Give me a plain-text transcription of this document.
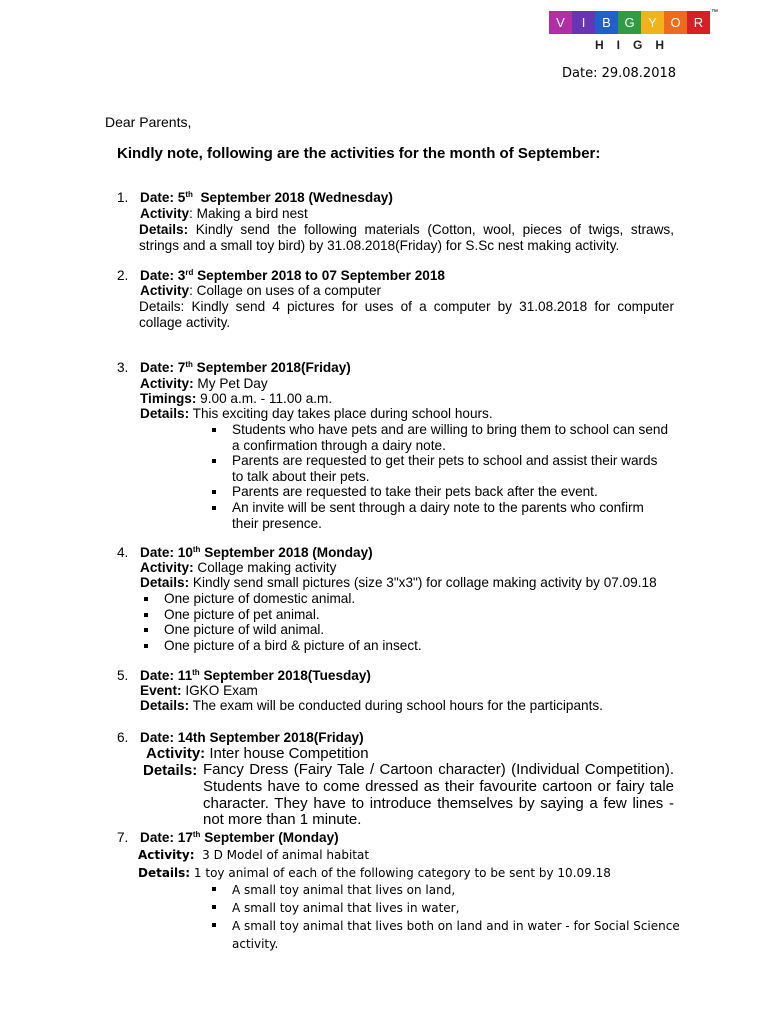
V	I	B	G	Y	O	R
™
HIGH
Date: 29.08.2018
Dear Parents,
Kindly note, following are the activities for the month of September:
1. Date: 5th  September 2018 (Wednesday)
Activity: Making a bird nest
Details: Kindly send the following materials (Cotton, wool, pieces of twigs, straws, strings and a small toy bird) by 31.08.2018(Friday) for S.Sc nest making activity.
2. Date: 3rd September 2018 to 07 September 2018
Activity: Collage on uses of a computer
Details: Kindly send 4 pictures for uses of a computer by 31.08.2018 for computer collage activity.
3. Date: 7th September 2018(Friday)
Activity: My Pet Day
Timings: 9.00 a.m. - 11.00 a.m.
Details: This exciting day takes place during school hours.
Students who have pets and are willing to bring them to school can send a confirmation through a dairy note.
Parents are requested to get their pets to school and assist their wards to talk about their pets.
Parents are requested to take their pets back after the event.
An invite will be sent through a dairy note to the parents who confirm their presence.
4. Date: 10th September 2018 (Monday)
Activity: Collage making activity
Details: Kindly send small pictures (size 3"x3") for collage making activity by 07.09.18
One picture of domestic animal.
One picture of pet animal.
One picture of wild animal.
One picture of a bird & picture of an insect.
5. Date: 11th September 2018(Tuesday)
Event: IGKO Exam
Details: The exam will be conducted during school hours for the participants.
6. Date: 14th September 2018(Friday)
Activity: Inter house Competition
Details: Fancy Dress (Fairy Tale / Cartoon character) (Individual Competition). Students have to come dressed as their favourite cartoon or fairy tale character. They have to introduce themselves by saying a few lines - not more than 1 minute.
7. Date: 17th September (Monday)
Activity:  3 D Model of animal habitat
Details: 1 toy animal of each of the following category to be sent by 10.09.18
A small toy animal that lives on land,
A small toy animal that lives in water,
A small toy animal that lives both on land and in water - for Social Science activity.
